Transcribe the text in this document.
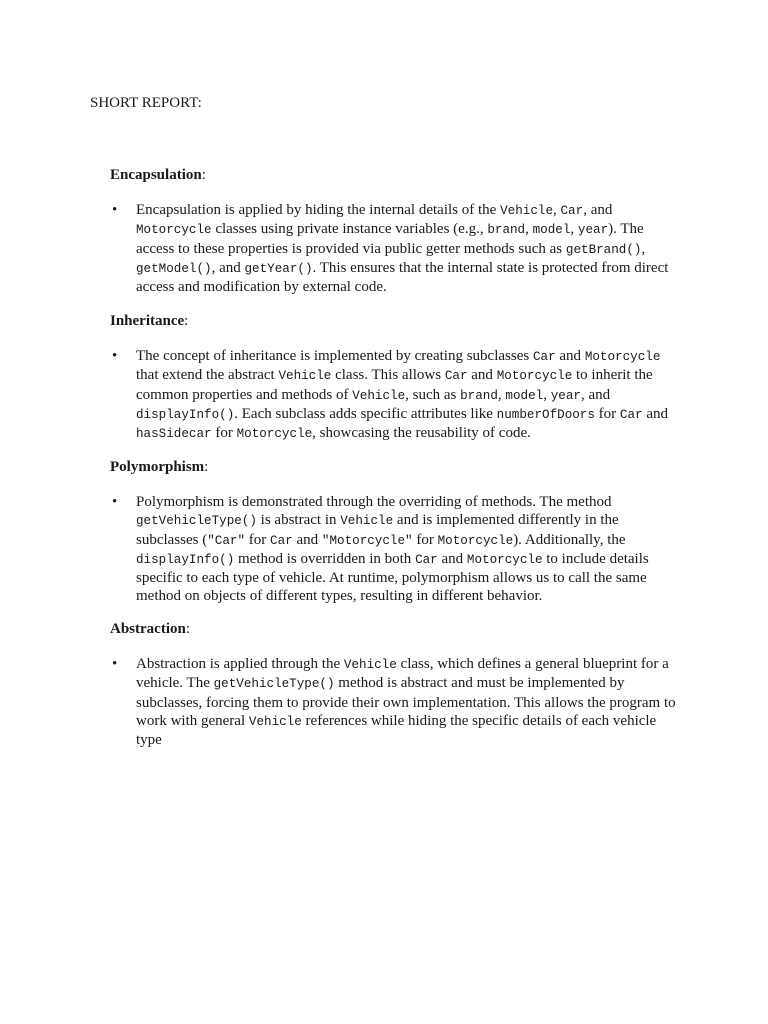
SHORT REPORT:

Encapsulation:

• Encapsulation is applied by hiding the internal details of the Vehicle, Car, and Motorcycle classes using private instance variables (e.g., brand, model, year). The access to these properties is provided via public getter methods such as getBrand(), getModel(), and getYear(). This ensures that the internal state is protected from direct access and modification by external code.

Inheritance:

• The concept of inheritance is implemented by creating subclasses Car and Motorcycle that extend the abstract Vehicle class. This allows Car and Motorcycle to inherit the common properties and methods of Vehicle, such as brand, model, year, and displayInfo(). Each subclass adds specific attributes like numberOfDoors for Car and hasSidecar for Motorcycle, showcasing the reusability of code.

Polymorphism:

• Polymorphism is demonstrated through the overriding of methods. The method getVehicleType() is abstract in Vehicle and is implemented differently in the subclasses ("Car" for Car and "Motorcycle" for Motorcycle). Additionally, the displayInfo() method is overridden in both Car and Motorcycle to include details specific to each type of vehicle. At runtime, polymorphism allows us to call the same method on objects of different types, resulting in different behavior.

Abstraction:

• Abstraction is applied through the Vehicle class, which defines a general blueprint for a vehicle. The getVehicleType() method is abstract and must be implemented by subclasses, forcing them to provide their own implementation. This allows the program to work with general Vehicle references while hiding the specific details of each vehicle type
